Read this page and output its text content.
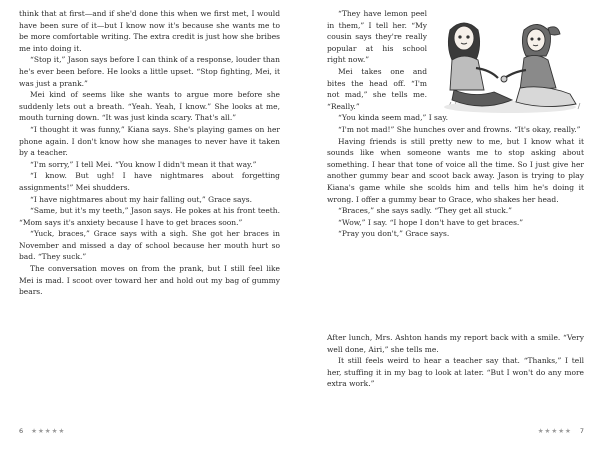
think that at first—and if she'd done this when we first met, I would have been sure of it—but I know now it's because she wants me to be more comfortable writing. The extra credit is just how she bribes me into doing it.

“Stop it,” Jason says before I can think of a response, louder than he's ever been before. He looks a little upset. “Stop fighting, Mei, it was just a prank.”

Mei kind of seems like she wants to argue more before she suddenly lets out a breath. “Yeah. Yeah, I know.” She looks at me, mouth turning down. “It was just kinda scary. That's all.”

“I thought it was funny,” Kiana says. She's playing games on her phone again. I don't know how she manages to never have it taken by a teacher.

“I'm sorry,” I tell Mei. “You know I didn't mean it that way.”

“I know. But ugh! I have nightmares about forgetting assignments!” Mei shudders.

“I have nightmares about my hair falling out,” Grace says.

“Same, but it's my teeth,” Jason says. He pokes at his front teeth. “Mom says it's anxiety because I have to get braces soon.”

“Yuck, braces,” Grace says with a sigh. She got her braces in November and missed a day of school because her mouth hurt so bad. “They suck.”

The conversation moves on from the prank, but I still feel like Mei is mad. I scoot over toward her and hold out my bag of gummy bears.

“They have lemon peel in them,” I tell her. “My cousin says they're really popular at his school right now.”

Mei takes one and bites the head off. “I'm not mad,” she tells me. “Really.”

“You kinda seem mad,” I say.

“I'm not mad!” She hunches over and frowns. “It's okay, really.”

Having friends is still pretty new to me, but I know what it sounds like when someone wants me to stop asking about something. I hear that tone of voice all the time. So I just give her another gummy bear and scoot back away. Jason is trying to play Kiana's game while she scolds him and tells him he's doing it wrong. I offer a gummy bear to Grace, who shakes her head.

“Braces,” she says sadly. “They get all stuck.”

“Wow,” I say. “I hope I don't have to get braces.”

“Pray you don't,” Grace says.

After lunch, Mrs. Ashton hands my report back with a smile. “Very well done, Airi,” she tells me.

It still feels weird to hear a teacher say that. “Thanks,” I tell her, stuffing it in my bag to look at later. “But I won't do any more extra work.”

6 ★★★★★	★★★★★ 7
